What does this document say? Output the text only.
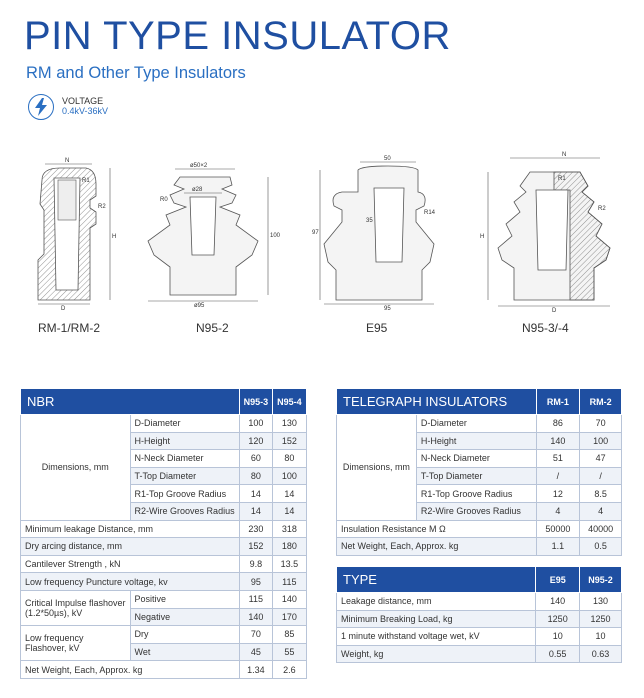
PIN TYPE INSULATOR
RM and Other Type Insulators
VOLTAGE
0.4kV-36kV
N
H
D
R1
R2
RM-1/RM-2
ø50×2
ø28
R0
100
ø95
N95-2
50
35
R14
97
95
E95
N
R1
R2
H
D
N95-3/-4
NBR		N95-3	N95-4
Dimensions, mm	D-Diameter	100	130
	H-Height	120	152
	N-Neck Diameter	60	80
	T-Top Diameter	80	100
	R1-Top Groove Radius	14	14
	R2-Wire Grooves Radius	14	14
Minimum leakage Distance, mm		230	318
Dry arcing distance, mm		152	180
Cantilever Strength , kN		9.8	13.5
Low frequency Puncture voltage, kv		95	115
Critical Impulse flashover
(1.2*50µs), kV	Positive	115	140
	Negative	140	170
Low frequency
Flashover, kV	Dry	70	85
	Wet	45	55
Net Weight, Each, Approx. kg		1.34	2.6
TELEGRAPH INSULATORS		RM-1	RM-2
Dimensions, mm	D-Diameter	86	70
	H-Height	140	100
	N-Neck Diameter	51	47
	T-Top Diameter	/	/
	R1-Top Groove Radius	12	8.5
	R2-Wire Grooves Radius	4	4
Insulation Resistance M Ω		50000	40000
Net Weight, Each, Approx. kg		1.1	0.5
TYPE	E95	N95-2
Leakage distance, mm	140	130
Minimum Breaking Load, kg	1250	1250
1 minute withstand voltage wet, kV	10	10
Weight, kg	0.55	0.63
